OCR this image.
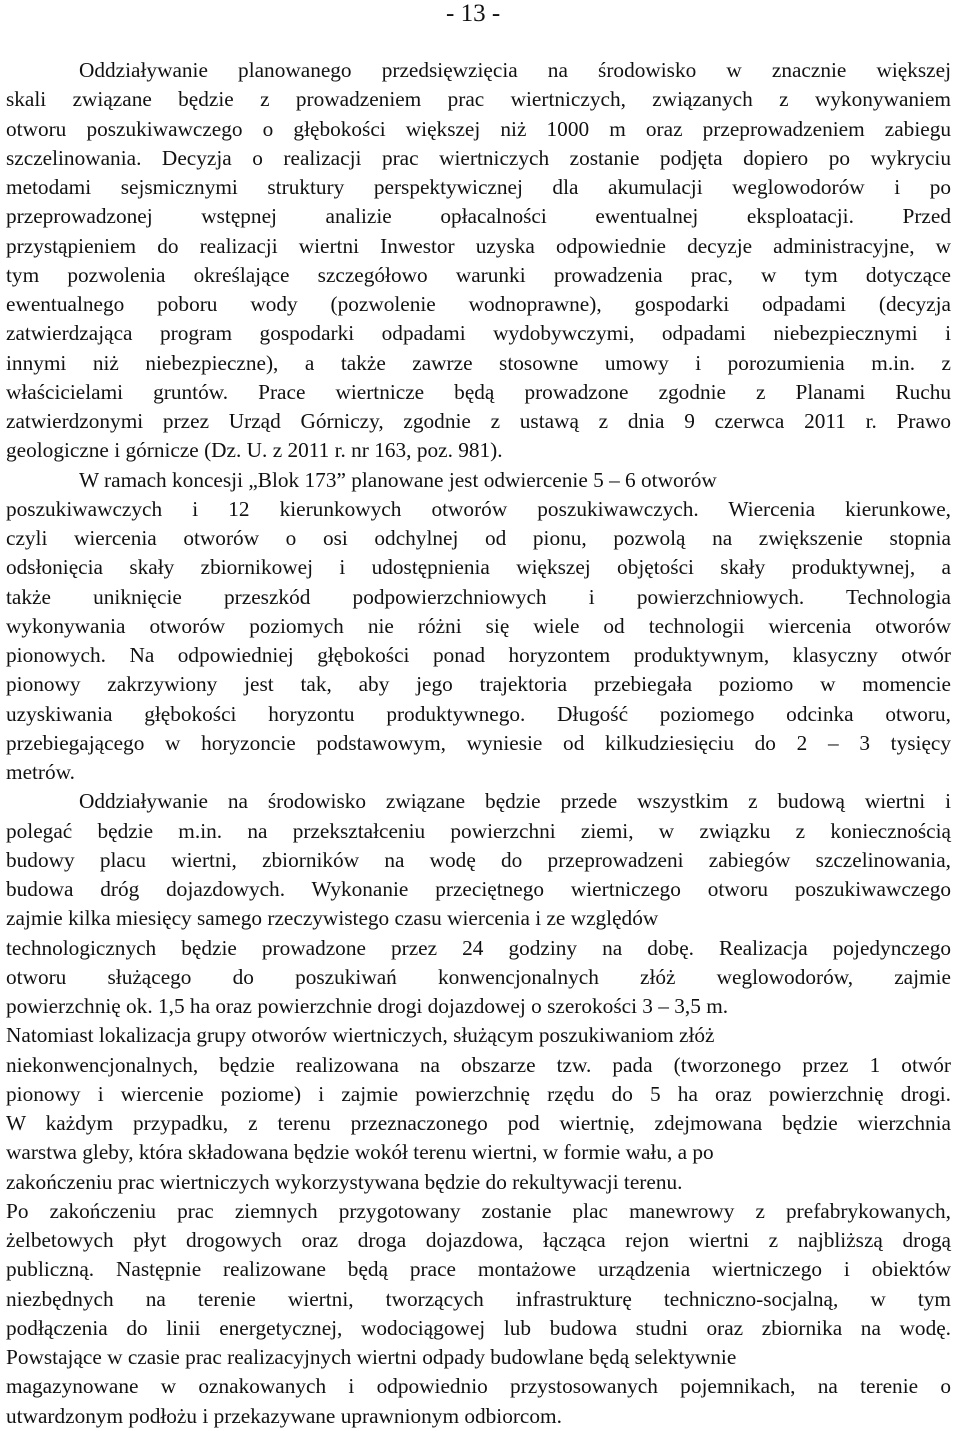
- 13 -
Oddziaływanie planowanego przedsięwzięcia na środowisko w znacznie większej
skali związane będzie z prowadzeniem prac wiertniczych, związanych z wykonywaniem
otworu poszukiwawczego o głębokości większej niż 1000 m oraz przeprowadzeniem zabiegu
szczelinowania. Decyzja o realizacji prac wiertniczych zostanie podjęta dopiero po wykryciu
metodami sejsmicznymi struktury perspektywicznej dla akumulacji weglowodorów i po
przeprowadzonej wstępnej analizie opłacalności ewentualnej eksploatacji. Przed
przystąpieniem do realizacji wiertni Inwestor uzyska odpowiednie decyzje administracyjne, w
tym pozwolenia określające szczegółowo warunki prowadzenia prac, w tym dotyczące
ewentualnego poboru wody (pozwolenie wodnoprawne), gospodarki odpadami (decyzja
zatwierdzająca program gospodarki odpadami wydobywczymi, odpadami niebezpiecznymi i
innymi niż niebezpieczne), a także zawrze stosowne umowy i porozumienia m.in. z
właścicielami gruntów. Prace wiertnicze będą prowadzone zgodnie z Planami Ruchu
zatwierdzonymi przez Urząd Górniczy, zgodnie z ustawą z dnia 9 czerwca 2011 r. Prawo
geologiczne i górnicze (Dz. U. z 2011 r. nr 163, poz. 981).
W ramach koncesji „Blok 173” planowane jest odwiercenie 5 – 6 otworów
poszukiwawczych i 12 kierunkowych otworów poszukiwawczych. Wiercenia kierunkowe,
czyli wiercenia otworów o osi odchylnej od pionu, pozwolą na zwiększenie stopnia
odsłonięcia skały zbiornikowej i udostępnienia większej objętości skały produktywnej, a
także uniknięcie przeszkód podpowierzchniowych i powierzchniowych. Technologia
wykonywania otworów poziomych nie różni się wiele od technologii wiercenia otworów
pionowych. Na odpowiedniej głębokości ponad horyzontem produktywnym, klasyczny otwór
pionowy zakrzywiony jest tak, aby jego trajektoria przebiegała poziomo w momencie
uzyskiwania głębokości horyzontu produktywnego. Długość poziomego odcinka otworu,
przebiegającego w horyzoncie podstawowym, wyniesie od kilkudziesięciu do 2 – 3 tysięcy
metrów.
Oddziaływanie na środowisko związane będzie przede wszystkim z budową wiertni i
polegać będzie m.in. na przekształceniu powierzchni ziemi, w związku z koniecznością
budowy placu wiertni, zbiorników na wodę do przeprowadzeni zabiegów szczelinowania,
budowa dróg dojazdowych. Wykonanie przeciętnego wiertniczego otworu poszukiwawczego
zajmie kilka miesięcy samego rzeczywistego czasu wiercenia i ze względów
technologicznych będzie prowadzone przez 24 godziny na dobę. Realizacja pojedynczego
otworu służącego do poszukiwań konwencjonalnych złóż weglowodorów, zajmie
powierzchnię ok. 1,5 ha oraz powierzchnie drogi dojazdowej o szerokości 3 – 3,5 m.
Natomiast lokalizacja grupy otworów wiertniczych, służącym poszukiwaniom złóż
niekonwencjonalnych, będzie realizowana na obszarze tzw. pada (tworzonego przez 1 otwór
pionowy i wiercenie poziome) i zajmie powierzchnię rzędu do 5 ha oraz powierzchnię drogi.
W każdym przypadku, z terenu przeznaczonego pod wiertnię, zdejmowana będzie wierzchnia
warstwa gleby, która składowana będzie wokół terenu wiertni, w formie wału, a po
zakończeniu prac wiertniczych wykorzystywana będzie do rekultywacji terenu.
Po zakończeniu prac ziemnych przygotowany zostanie plac manewrowy z prefabrykowanych,
żelbetowych płyt drogowych oraz droga dojazdowa, łącząca rejon wiertni z najbliższą drogą
publiczną. Następnie realizowane będą prace montażowe urządzenia wiertniczego i obiektów
niezbędnych na terenie wiertni, tworzących infrastrukturę techniczno-socjalną, w tym
podłączenia do linii energetycznej, wodociągowej lub budowa studni oraz zbiornika na wodę.
Powstające w czasie prac realizacyjnych wiertni odpady budowlane będą selektywnie
magazynowane w oznakowanych i odpowiednio przystosowanych pojemnikach, na terenie o
utwardzonym podłożu i przekazywane uprawnionym odbiorcom.
